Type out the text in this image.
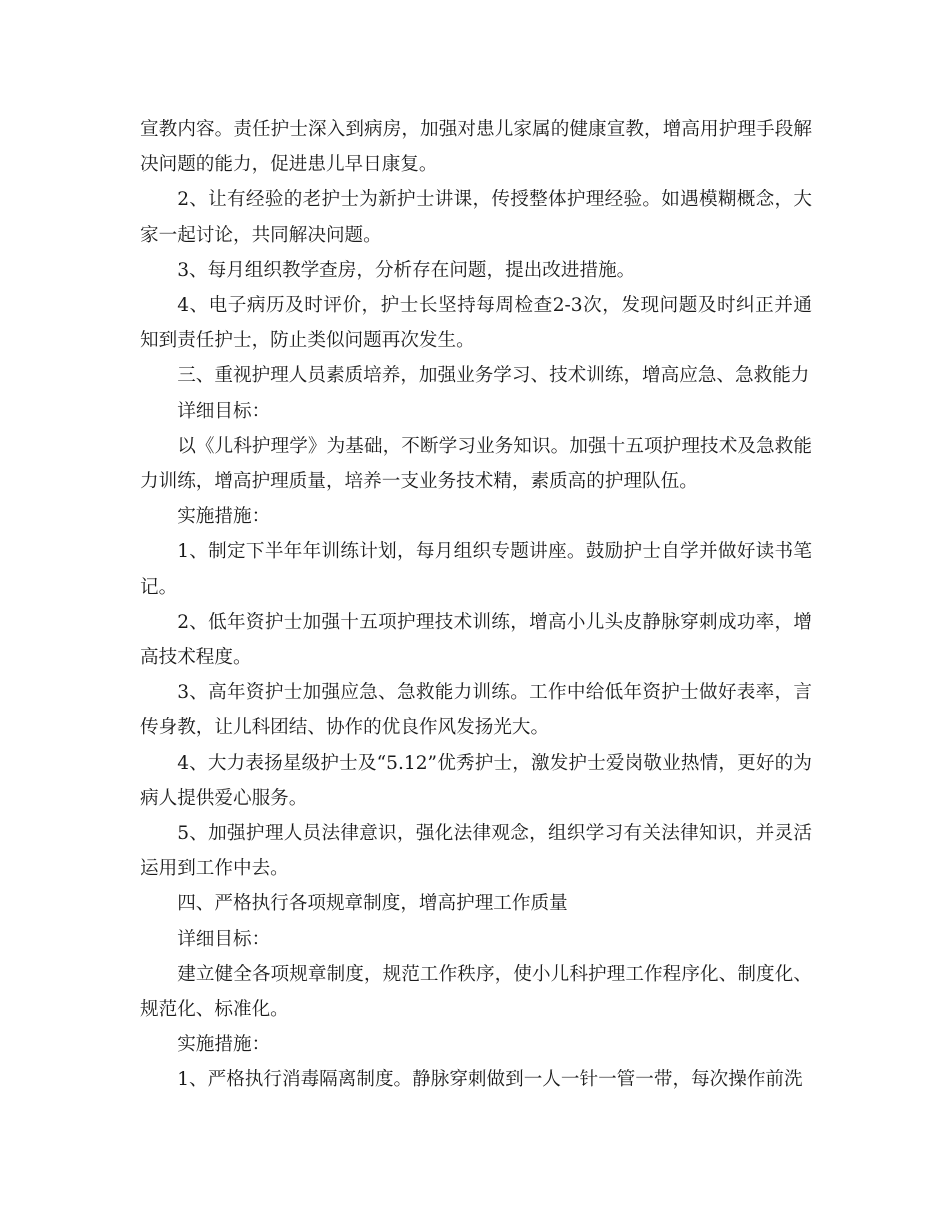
宣教内容。责任护士深入到病房，加强对患儿家属的健康宣教，增高用护理手段解决问题的能力，促进患儿早日康复。

2、让有经验的老护士为新护士讲课，传授整体护理经验。如遇模糊概念，大家一起讨论，共同解决问题。

3、每月组织教学查房，分析存在问题，提出改进措施。

4、电子病历及时评价，护士长坚持每周检查2-3次，发现问题及时纠正并通知到责任护士，防止类似问题再次发生。

三、重视护理人员素质培养，加强业务学习、技术训练，增高应急、急救能力

详细目标：

以《儿科护理学》为基础，不断学习业务知识。加强十五项护理技术及急救能力训练，增高护理质量，培养一支业务技术精，素质高的护理队伍。

实施措施：

1、制定下半年年训练计划，每月组织专题讲座。鼓励护士自学并做好读书笔记。

2、低年资护士加强十五项护理技术训练，增高小儿头皮静脉穿刺成功率，增高技术程度。

3、高年资护士加强应急、急救能力训练。工作中给低年资护士做好表率，言传身教，让儿科团结、协作的优良作风发扬光大。

4、大力表扬星级护士及“5.12”优秀护士，激发护士爱岗敬业热情，更好的为病人提供爱心服务。

5、加强护理人员法律意识，强化法律观念，组织学习有关法律知识，并灵活运用到工作中去。

四、严格执行各项规章制度，增高护理工作质量

详细目标：

建立健全各项规章制度，规范工作秩序，使小儿科护理工作程序化、制度化、规范化、标准化。

实施措施：

1、严格执行消毒隔离制度。静脉穿刺做到一人一针一管一带，每次操作前洗
